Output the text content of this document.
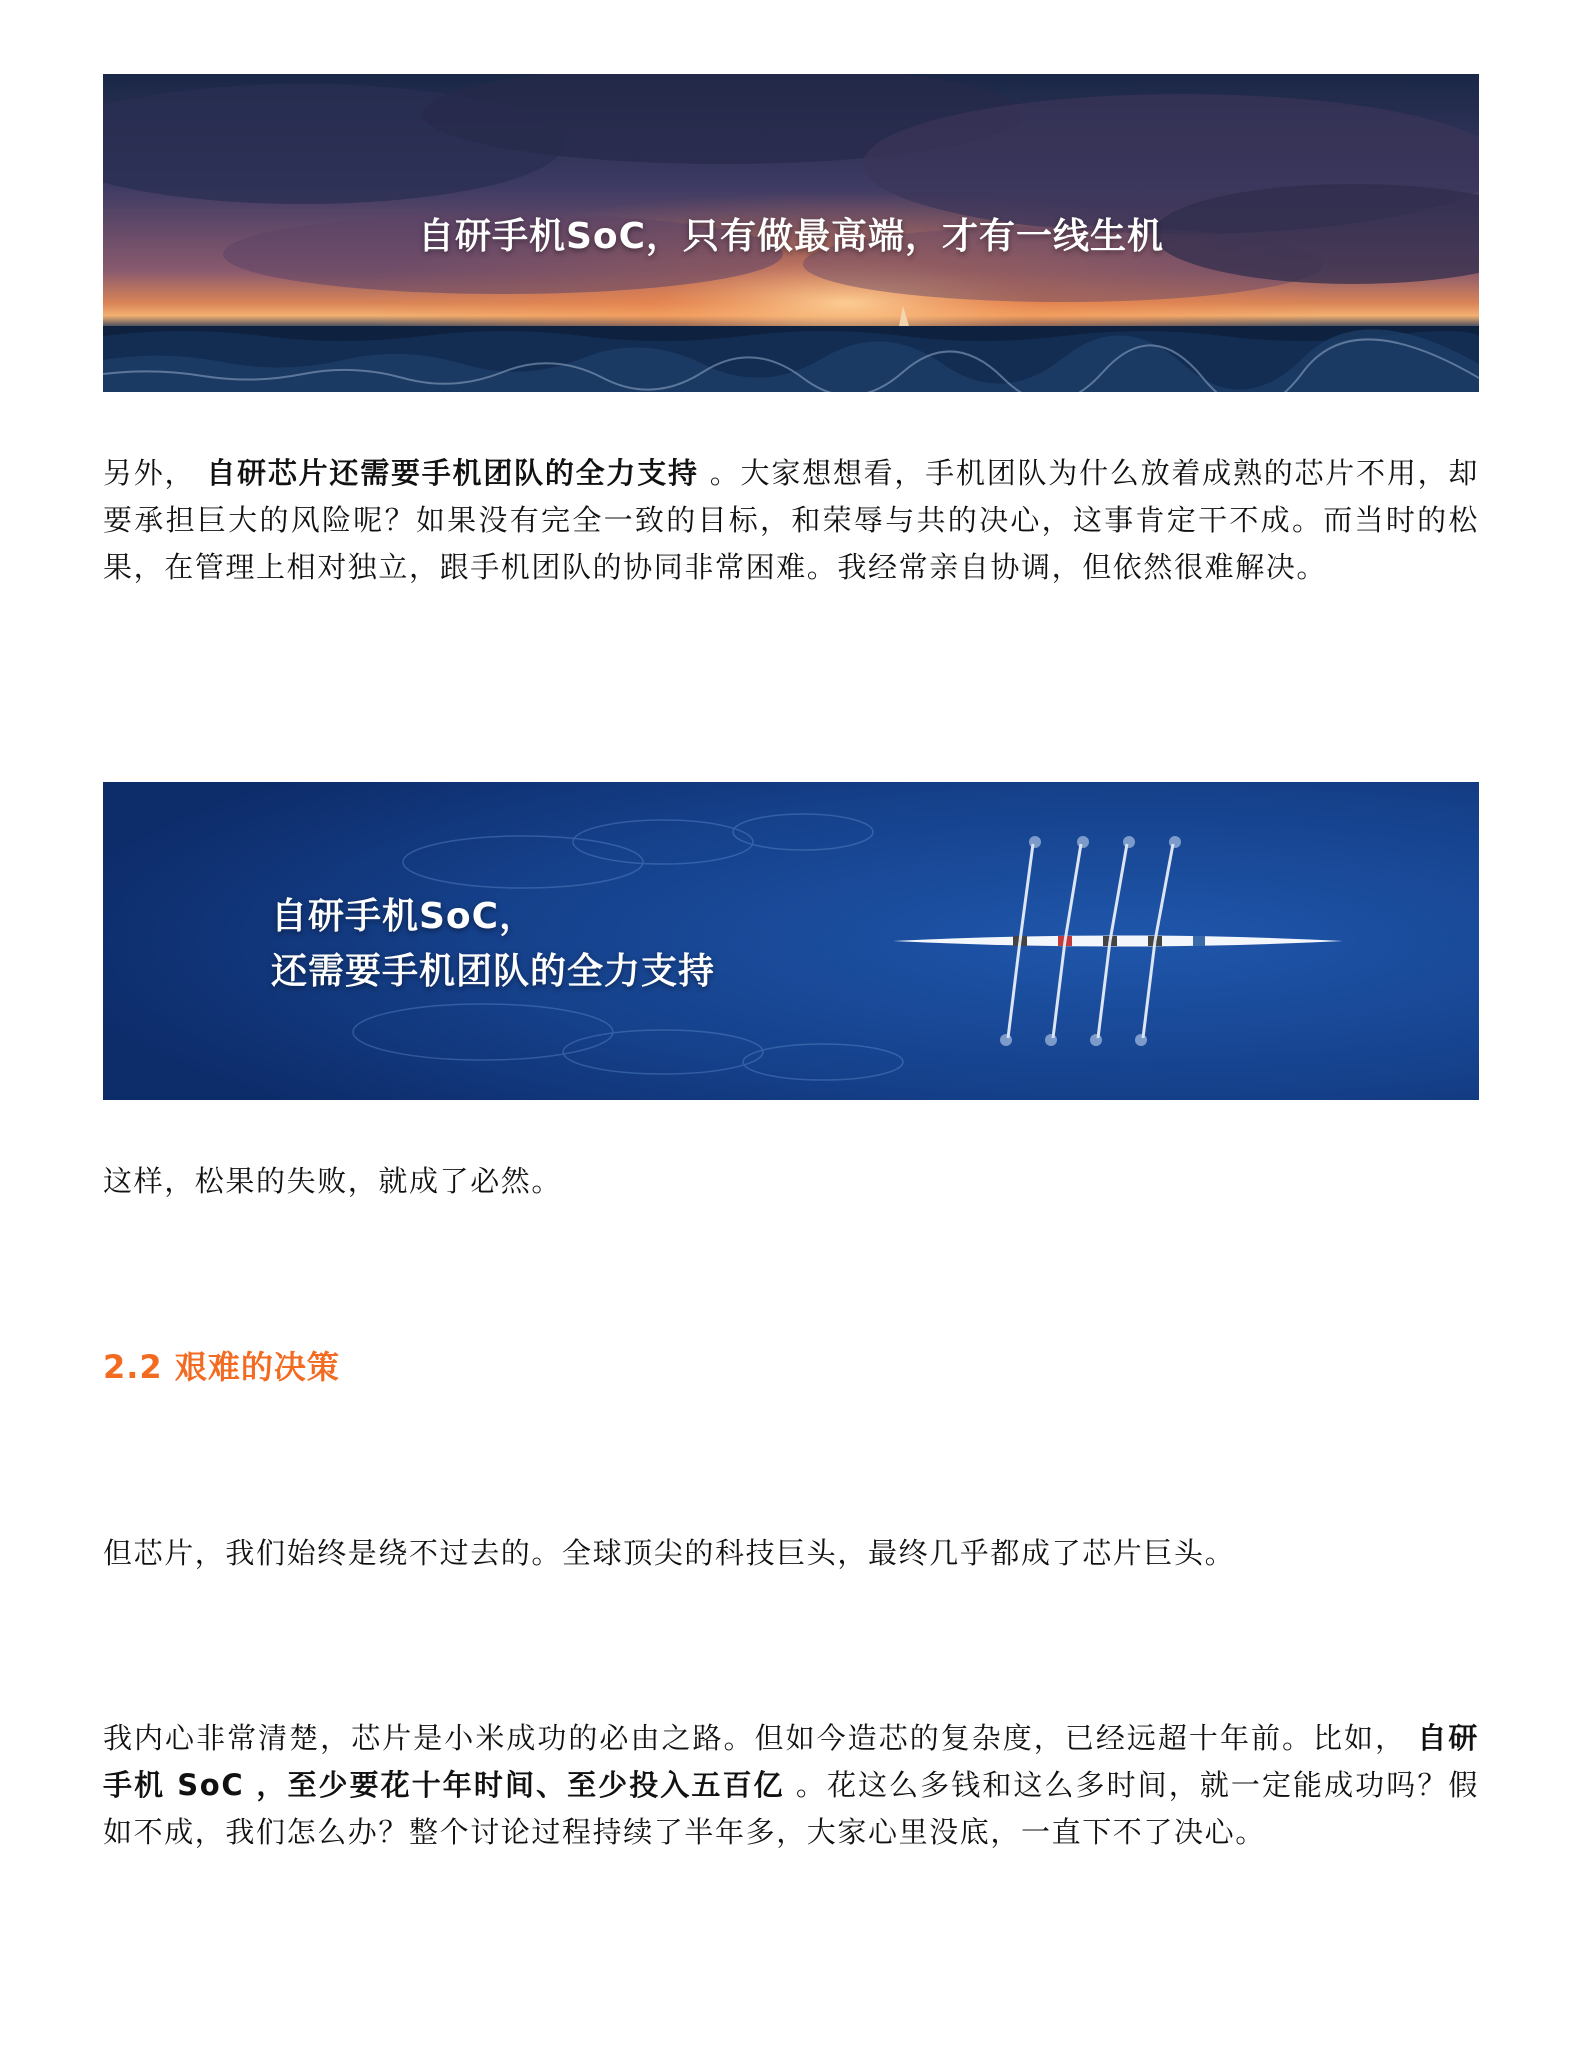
自研手机SoC，只有做最高端，才有一线生机

另外， 自研芯片还需要手机团队的全力支持 。大家想想看，手机团队为什么放着成熟的芯片不用，却要承担巨大的风险呢？如果没有完全一致的目标，和荣辱与共的决心，这事肯定干不成。而当时的松果，在管理上相对独立，跟手机团队的协同非常困难。我经常亲自协调，但依然很难解决。

自研手机SoC，
还需要手机团队的全力支持

这样，松果的失败，就成了必然。

2.2 艰难的决策

但芯片，我们始终是绕不过去的。全球顶尖的科技巨头，最终几乎都成了芯片巨头。

我内心非常清楚，芯片是小米成功的必由之路。但如今造芯的复杂度，已经远超十年前。比如， 自研手机 SoC ，至少要花十年时间、至少投入五百亿 。花这么多钱和这么多时间，就一定能成功吗？假如不成，我们怎么办？整个讨论过程持续了半年多，大家心里没底，一直下不了决心。
